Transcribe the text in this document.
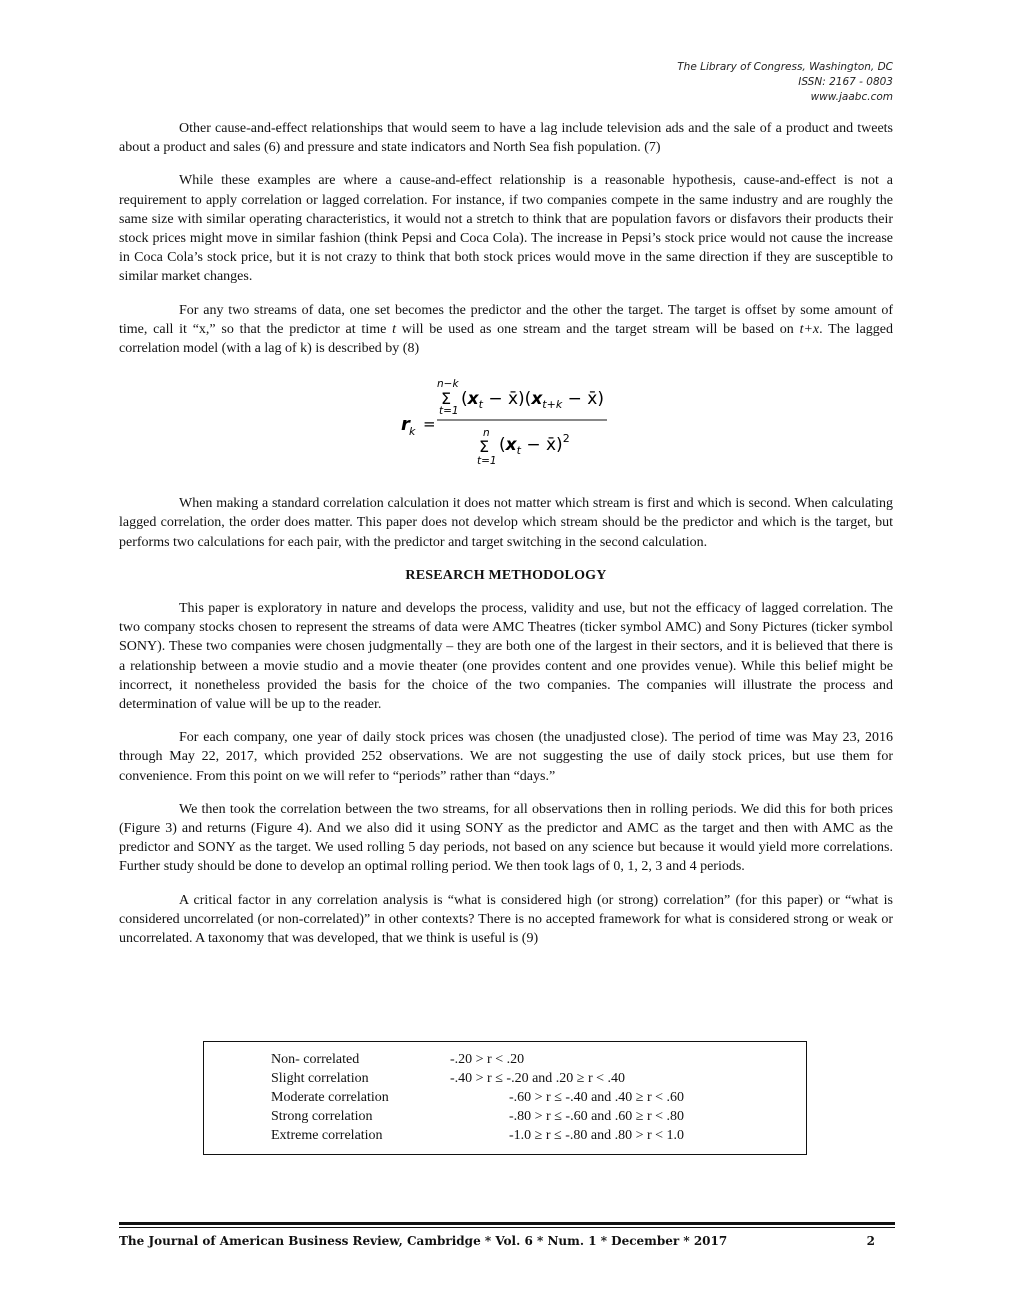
The Library of Congress, Washington, DC
ISSN: 2167 - 0803
www.jaabc.com

Other cause-and-effect relationships that would seem to have a lag include television ads and the sale of a product and tweets about a product and sales (6) and pressure and state indicators and North Sea fish population. (7)

While these examples are where a cause-and-effect relationship is a reasonable hypothesis, cause-and-effect is not a requirement to apply correlation or lagged correlation. For instance, if two companies compete in the same industry and are roughly the same size with similar operating characteristics, it would not a stretch to think that are population favors or disfavors their products their stock prices might move in similar fashion (think Pepsi and Coca Cola). The increase in Pepsi’s stock price would not cause the increase in Coca Cola’s stock price, but it is not crazy to think that both stock prices would move in the same direction if they are susceptible to similar market changes.

For any two streams of data, one set becomes the predictor and the other the target. The target is offset by some amount of time, call it “x,” so that the predictor at time t will be used as one stream and the target stream will be based on t+x. The lagged correlation model (with a lag of k) is described by (8)

r k =
n−k
Σ
t=1
($x_t$ − $x̄)(x_{t+k}$ − x̄)
n
Σ
t=1
($x_t$ − x̄)$^2$

When making a standard correlation calculation it does not matter which stream is first and which is second. When calculating lagged correlation, the order does matter. This paper does not develop which stream should be the predictor and which is the target, but performs two calculations for each pair, with the predictor and target switching in the second calculation.

RESEARCH METHODOLOGY

This paper is exploratory in nature and develops the process, validity and use, but not the efficacy of lagged correlation. The two company stocks chosen to represent the streams of data were AMC Theatres (ticker symbol AMC) and Sony Pictures (ticker symbol SONY). These two companies were chosen judgmentally – they are both one of the largest in their sectors, and it is believed that there is a relationship between a movie studio and a movie theater (one provides content and one provides venue). While this belief might be incorrect, it nonetheless provided the basis for the choice of the two companies. The companies will illustrate the process and determination of value will be up to the reader.

For each company, one year of daily stock prices was chosen (the unadjusted close). The period of time was May 23, 2016 through May 22, 2017, which provided 252 observations. We are not suggesting the use of daily stock prices, but use them for convenience. From this point on we will refer to “periods” rather than “days.”

We then took the correlation between the two streams, for all observations then in rolling periods. We did this for both prices (Figure 3) and returns (Figure 4). And we also did it using SONY as the predictor and AMC as the target and then with AMC as the predictor and SONY as the target. We used rolling 5 day periods, not based on any science but because it would yield more correlations. Further study should be done to develop an optimal rolling period. We then took lags of 0, 1, 2, 3 and 4 periods.

A critical factor in any correlation analysis is “what is considered high (or strong) correlation” (for this paper) or “what is considered uncorrelated (or non-correlated)” in other contexts? There is no accepted framework for what is considered strong or weak or uncorrelated. A taxonomy that was developed, that we think is useful is (9)

Non- correlated	-.20 > r < .20
Slight correlation	-.40 > r ≤ -.20 and .20 ≥ r < .40
Moderate correlation	-.60 > r ≤ -.40 and .40 ≥ r < .60
Strong correlation	-.80 > r ≤ -.60 and .60 ≥ r < .80
Extreme correlation	-1.0 ≥ r ≤ -.80 and .80 > r < 1.0
The Journal of American Business Review, Cambridge * Vol. 6 * Num. 1 * December * 2017	2
